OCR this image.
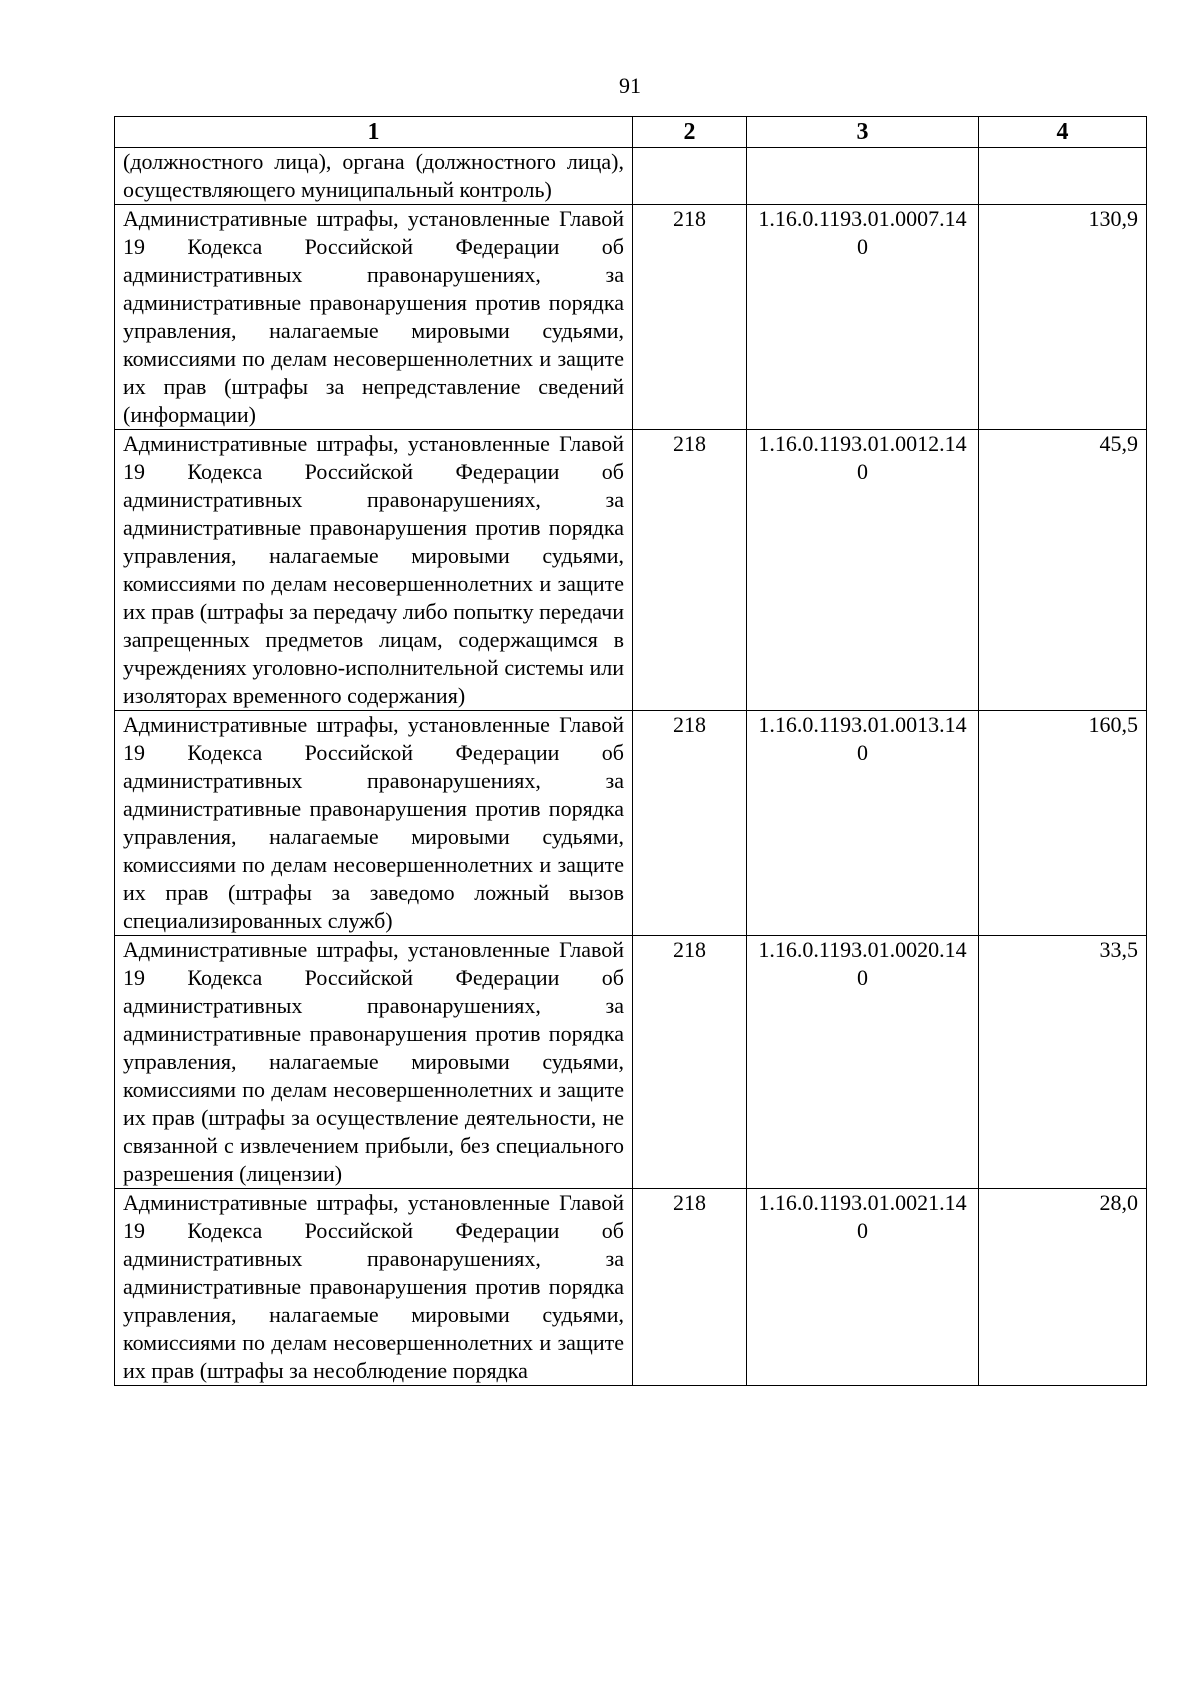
91
1	2	3	4
(должностного лица), органа (должностного лица), осуществляющего муниципальный контроль)			
Административные штрафы, установленные Главой 19 Кодекса Российской Федерации об административных правонарушениях, за административные правонарушения против порядка управления, налагаемые мировыми судьями, комиссиями по делам несовершеннолетних и защите их прав (штрафы за непредставление сведений (информации)	218	1.16.0.1193.01.0007.140	130,9
Административные штрафы, установленные Главой 19 Кодекса Российской Федерации об административных правонарушениях, за административные правонарушения против порядка управления, налагаемые мировыми судьями, комиссиями по делам несовершеннолетних и защите их прав (штрафы за передачу либо попытку передачи запрещенных предметов лицам, содержащимся в учреждениях уголовно-исполнительной системы или изоляторах временного содержания)	218	1.16.0.1193.01.0012.140	45,9
Административные штрафы, установленные Главой 19 Кодекса Российской Федерации об административных правонарушениях, за административные правонарушения против порядка управления, налагаемые мировыми судьями, комиссиями по делам несовершеннолетних и защите их прав (штрафы за заведомо ложный вызов специализированных служб)	218	1.16.0.1193.01.0013.140	160,5
Административные штрафы, установленные Главой 19 Кодекса Российской Федерации об административных правонарушениях, за административные правонарушения против порядка управления, налагаемые мировыми судьями, комиссиями по делам несовершеннолетних и защите их прав (штрафы за осуществление деятельности, не связанной с извлечением прибыли, без специального разрешения (лицензии)	218	1.16.0.1193.01.0020.140	33,5
Административные штрафы, установленные Главой 19 Кодекса Российской Федерации об административных правонарушениях, за административные правонарушения против порядка управления, налагаемые мировыми судьями, комиссиями по делам несовершеннолетних и защите их прав (штрафы за несоблюдение порядка	218	1.16.0.1193.01.0021.140	28,0
